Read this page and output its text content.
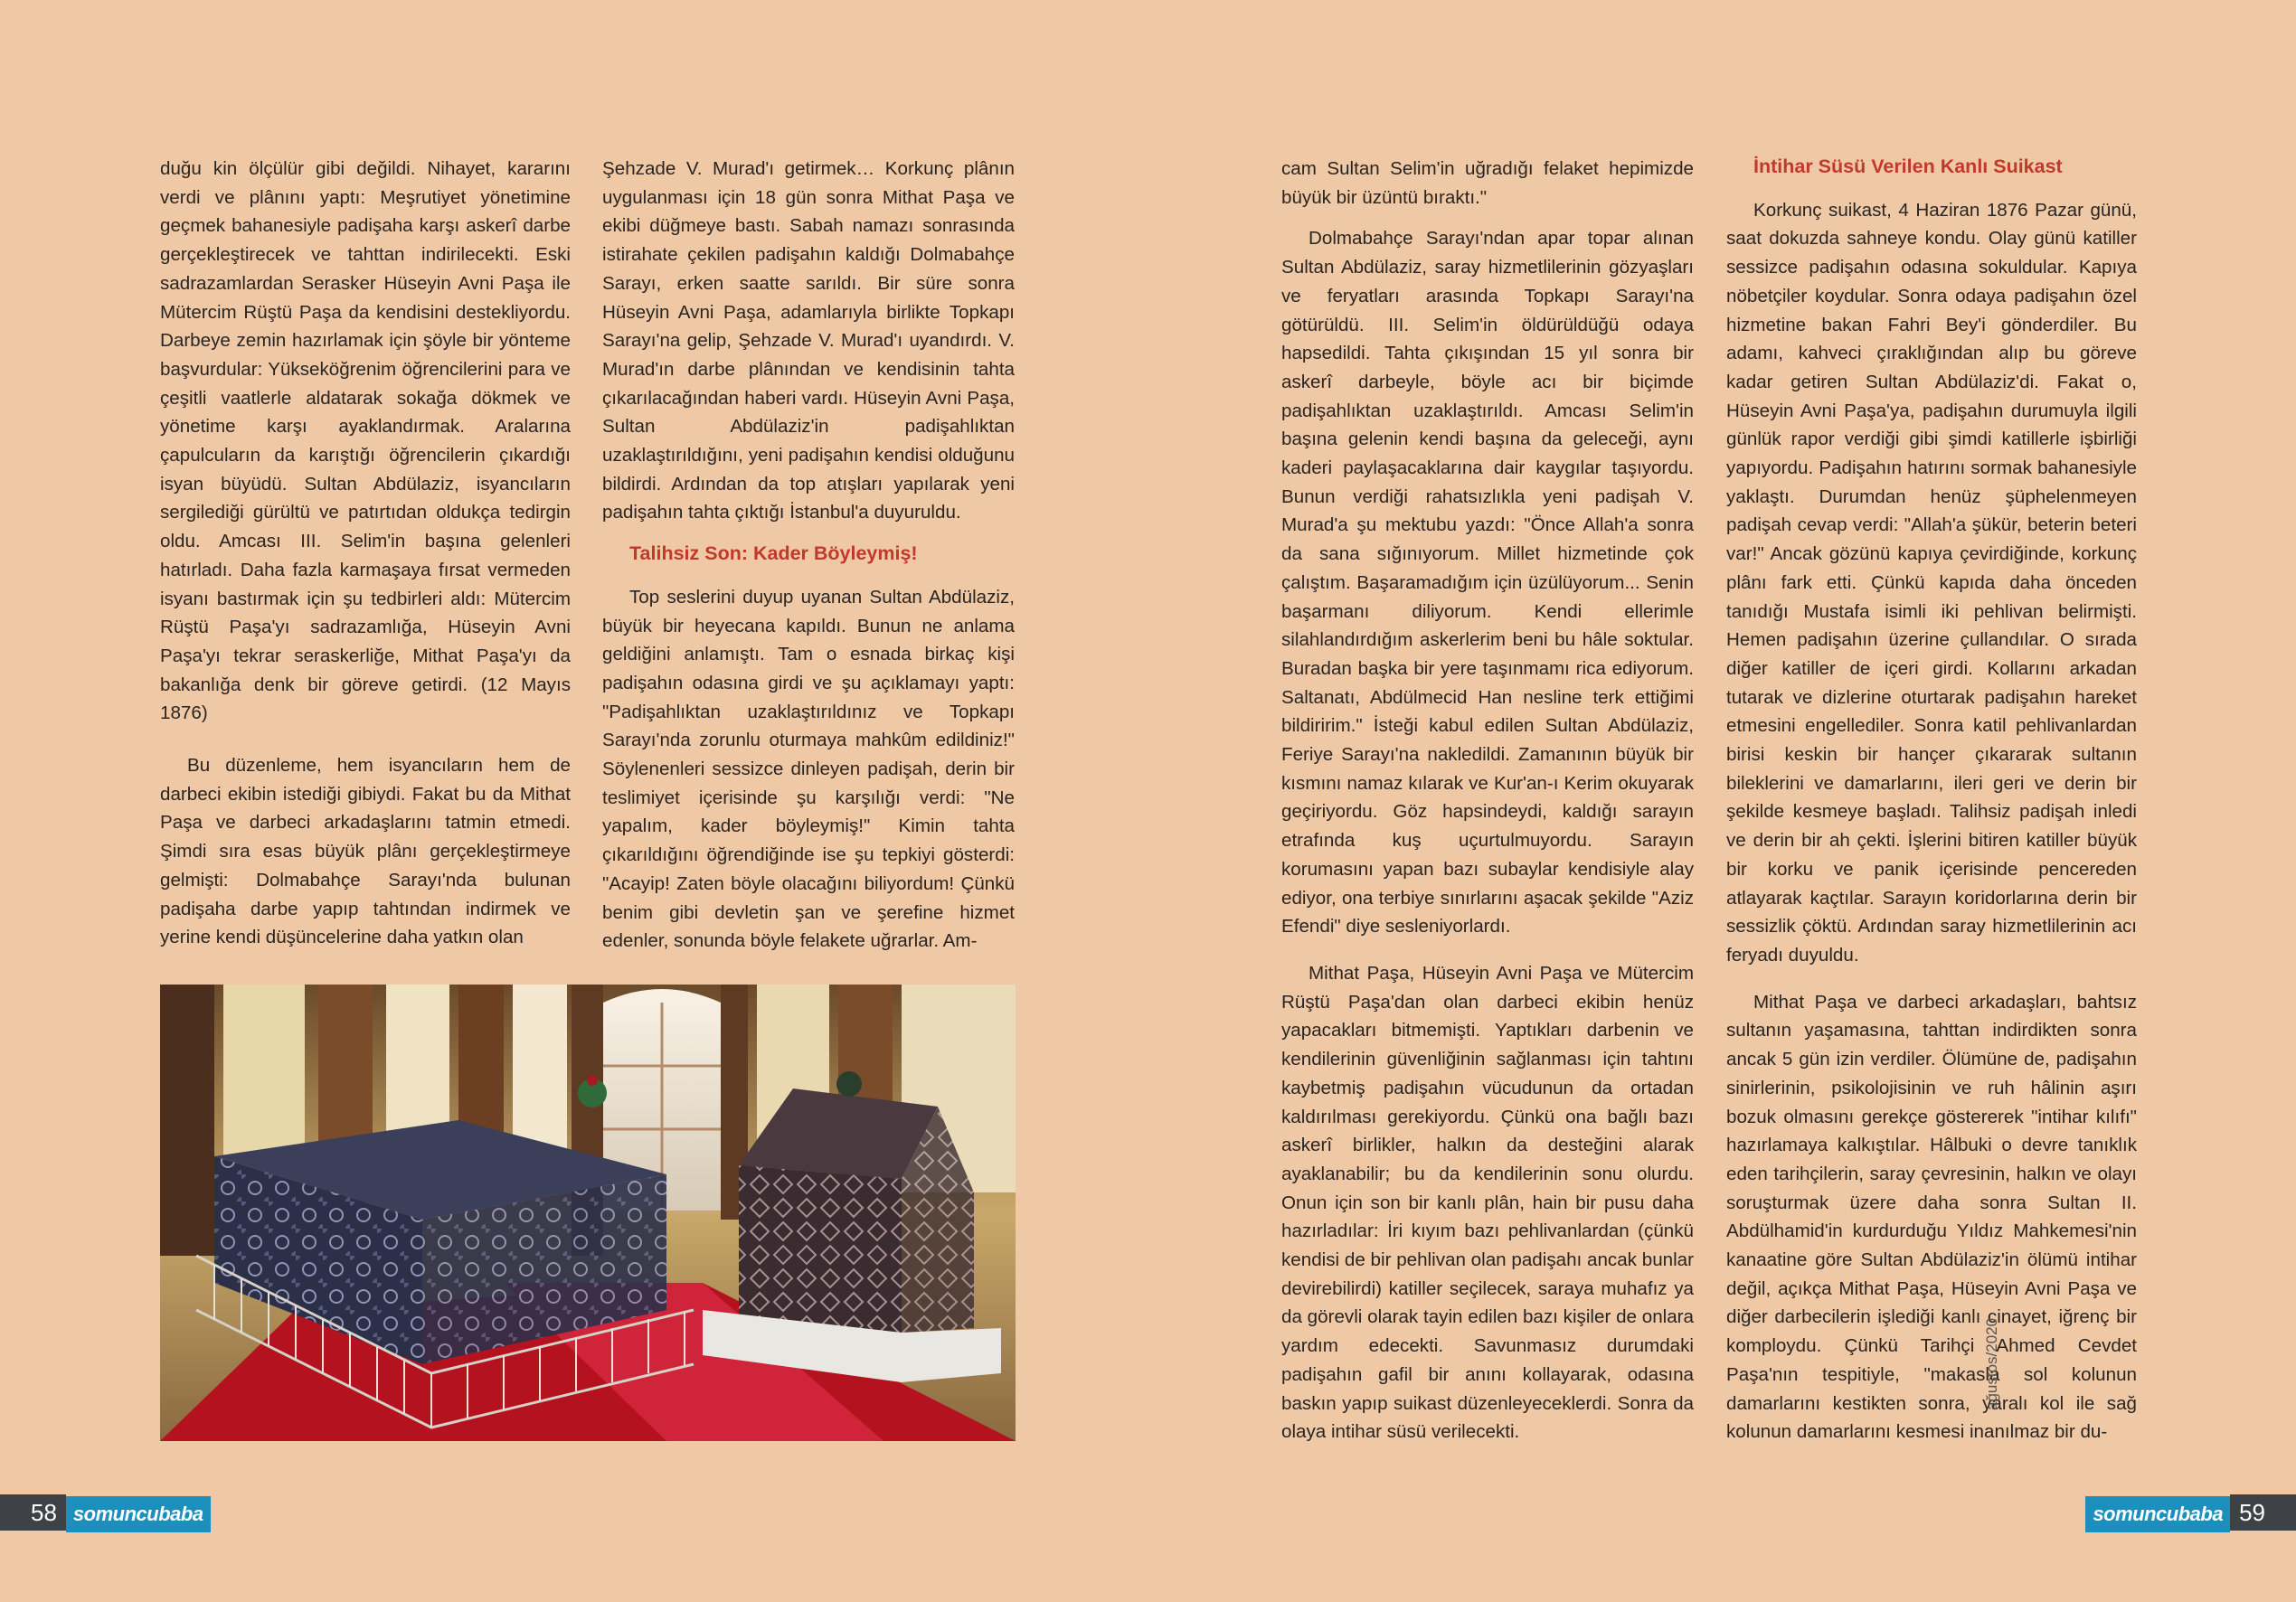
duğu kin ölçülür gibi değildi. Nihayet, kararını verdi ve plânını yaptı: Meşrutiyet yönetimine geçmek bahanesiyle padişaha karşı askerî darbe gerçekleştirecek ve tahttan indirilecekti. Eski sadrazamlardan Serasker Hüseyin Avni Paşa ile Mütercim Rüştü Paşa da kendisini destekliyordu. Darbeye zemin hazırlamak için şöyle bir yönteme başvurdular: Yükseköğrenim öğrencilerini para ve çeşitli vaatlerle aldatarak sokağa dökmek ve yönetime karşı ayaklandırmak. Aralarına çapulcuların da karıştığı öğrencilerin çıkardığı isyan büyüdü. Sultan Abdülaziz, isyancıların sergilediği gürültü ve patırtıdan oldukça tedirgin oldu. Amcası III. Selim'in başına gelenleri hatırladı. Daha fazla karmaşaya fırsat vermeden isyanı bastırmak için şu tedbirleri aldı: Mütercim Rüştü Paşa'yı sadrazamlığa, Hüseyin Avni Paşa'yı tekrar seraskerliğe, Mithat Paşa'yı da bakanlığa denk bir göreve getirdi. (12 Mayıs 1876)

Bu düzenleme, hem isyancıların hem de darbeci ekibin istediği gibiydi. Fakat bu da Mithat Paşa ve darbeci arkadaşlarını tatmin etmedi. Şimdi sıra esas büyük plânı gerçekleştirmeye gelmişti: Dolmabahçe Sarayı'nda bulunan padişaha darbe yapıp tahtından indirmek ve yerine kendi düşüncelerine daha yatkın olan

Şehzade V. Murad'ı getirmek… Korkunç plânın uygulanması için 18 gün sonra Mithat Paşa ve ekibi düğmeye bastı. Sabah namazı sonrasında istirahate çekilen padişahın kaldığı Dolmabahçe Sarayı, erken saatte sarıldı. Bir süre sonra Hüseyin Avni Paşa, adamlarıyla birlikte Topkapı Sarayı'na gelip, Şehzade V. Murad'ı uyandırdı. V. Murad'ın darbe plânından ve kendisinin tahta çıkarılacağından haberi vardı. Hüseyin Avni Paşa, Sultan Abdülaziz'in padişahlıktan uzaklaştırıldığını, yeni padişahın kendisi olduğunu bildirdi. Ardından da top atışları yapılarak yeni padişahın tahta çıktığı İstanbul'a duyuruldu.

Talihsiz Son: Kader Böyleymiş!

Top seslerini duyup uyanan Sultan Abdülaziz, büyük bir heyecana kapıldı. Bunun ne anlama geldiğini anlamıştı. Tam o esnada birkaç kişi padişahın odasına girdi ve şu açıklamayı yaptı: "Padişahlıktan uzaklaştırıldınız ve Topkapı Sarayı'nda zorunlu oturmaya mahkûm edildiniz!" Söylenenleri sessizce dinleyen padişah, derin bir teslimiyet içerisinde şu karşılığı verdi: "Ne yapalım, kader böyleymiş!" Kimin tahta çıkarıldığını öğrendiğinde ise şu tepkiyi gösterdi: "Acayip! Zaten böyle olacağını biliyordum! Çünkü benim gibi devletin şan ve şerefine hizmet edenler, sonunda böyle felakete uğrarlar. Am-

cam Sultan Selim'in uğradığı felaket hepimizde büyük bir üzüntü bıraktı."

Dolmabahçe Sarayı'ndan apar topar alınan Sultan Abdülaziz, saray hizmetlilerinin gözyaşları ve feryatları arasında Topkapı Sarayı'na götürüldü. III. Selim'in öldürüldüğü odaya hapsedildi. Tahta çıkışından 15 yıl sonra bir askerî darbeyle, böyle acı bir biçimde padişahlıktan uzaklaştırıldı. Amcası Selim'in başına gelenin kendi başına da geleceği, aynı kaderi paylaşacaklarına dair kaygılar taşıyordu. Bunun verdiği rahatsızlıkla yeni padişah V. Murad'a şu mektubu yazdı: "Önce Allah'a sonra da sana sığınıyorum. Millet hizmetinde çok çalıştım. Başaramadığım için üzülüyorum... Senin başarmanı diliyorum. Kendi ellerimle silahlandırdığım askerlerim beni bu hâle soktular. Buradan başka bir yere taşınmamı rica ediyorum. Saltanatı, Abdülmecid Han nesline terk ettiğimi bildiririm." İsteği kabul edilen Sultan Abdülaziz, Feriye Sarayı'na nakledildi. Zamanının büyük bir kısmını namaz kılarak ve Kur'an-ı Kerim okuyarak geçiriyordu. Göz hapsindeydi, kaldığı sarayın etrafında kuş uçurtulmuyordu. Sarayın korumasını yapan bazı subaylar kendisiyle alay ediyor, ona terbiye sınırlarını aşacak şekilde "Aziz Efendi" diye sesleniyorlardı.

Mithat Paşa, Hüseyin Avni Paşa ve Mütercim Rüştü Paşa'dan olan darbeci ekibin henüz yapacakları bitmemişti. Yaptıkları darbenin ve kendilerinin güvenliğinin sağlanması için tahtını kaybetmiş padişahın vücudunun da ortadan kaldırılması gerekiyordu. Çünkü ona bağlı bazı askerî birlikler, halkın da desteğini alarak ayaklanabilir; bu da kendilerinin sonu olurdu. Onun için son bir kanlı plân, hain bir pusu daha hazırladılar: İri kıyım bazı pehlivanlardan (çünkü kendisi de bir pehlivan olan padişahı ancak bunlar devirebilirdi) katiller seçilecek, saraya muhafız ya da görevli olarak tayin edilen bazı kişiler de onlara yardım edecekti. Savunmasız durumdaki padişahın gafil bir anını kollayarak, odasına baskın yapıp suikast düzenleyeceklerdi. Sonra da olaya intihar süsü verilecekti.

İntihar Süsü Verilen Kanlı Suikast

Korkunç suikast, 4 Haziran 1876 Pazar günü, saat dokuzda sahneye kondu. Olay günü katiller sessizce padişahın odasına sokuldular. Kapıya nöbetçiler koydular. Sonra odaya padişahın özel hizmetine bakan Fahri Bey'i gönderdiler. Bu adamı, kahveci çıraklığından alıp bu göreve kadar getiren Sultan Abdülaziz'di. Fakat o, Hüseyin Avni Paşa'ya, padişahın durumuyla ilgili günlük rapor verdiği gibi şimdi katillerle işbirliği yapıyordu. Padişahın hatırını sormak bahanesiyle yaklaştı. Durumdan henüz şüphelenmeyen padişah cevap verdi: "Allah'a şükür, beterin beteri var!" Ancak gözünü kapıya çevirdiğinde, korkunç plânı fark etti. Çünkü kapıda daha önceden tanıdığı Mustafa isimli iki pehlivan belirmişti. Hemen padişahın üzerine çullandılar. O sırada diğer katiller de içeri girdi. Kollarını arkadan tutarak ve dizlerine oturtarak padişahın hareket etmesini engellediler. Sonra katil pehlivanlardan birisi keskin bir hançer çıkararak sultanın bileklerini ve damarlarını, ileri geri ve derin bir şekilde kesmeye başladı. Talihsiz padişah inledi ve derin bir ah çekti. İşlerini bitiren katiller büyük bir korku ve panik içerisinde pencereden atlayarak kaçtılar. Sarayın koridorlarına derin bir sessizlik çöktü. Ardından saray hizmetlilerinin acı feryadı duyuldu.

Mithat Paşa ve darbeci arkadaşları, bahtsız sultanın yaşamasına, tahttan indirdikten sonra ancak 5 gün izin verdiler. Ölümüne de, padişahın sinirlerinin, psikolojisinin ve ruh hâlinin aşırı bozuk olmasını gerekçe göstererek "intihar kılıfı" hazırlamaya kalkıştılar. Hâlbuki o devre tanıklık eden tarihçilerin, saray çevresinin, halkın ve olayı soruşturmak üzere daha sonra Sultan II. Abdülhamid'in kurdurduğu Yıldız Mahkemesi'nin kanaatine göre Sultan Abdülaziz'in ölümü intihar değil, açıkça Mithat Paşa, Hüseyin Avni Paşa ve diğer darbecilerin işlediği kanlı cinayet, iğrenç bir komploydu. Çünkü Tarihçi Ahmed Cevdet Paşa'nın tespitiyle, "makasla sol kolunun damarlarını kestikten sonra, yaralı kol ile sağ kolunun damarlarını kesmesi inanılmaz bir du-

58 somuncubaba	somuncubaba 59
ağustos/2020
